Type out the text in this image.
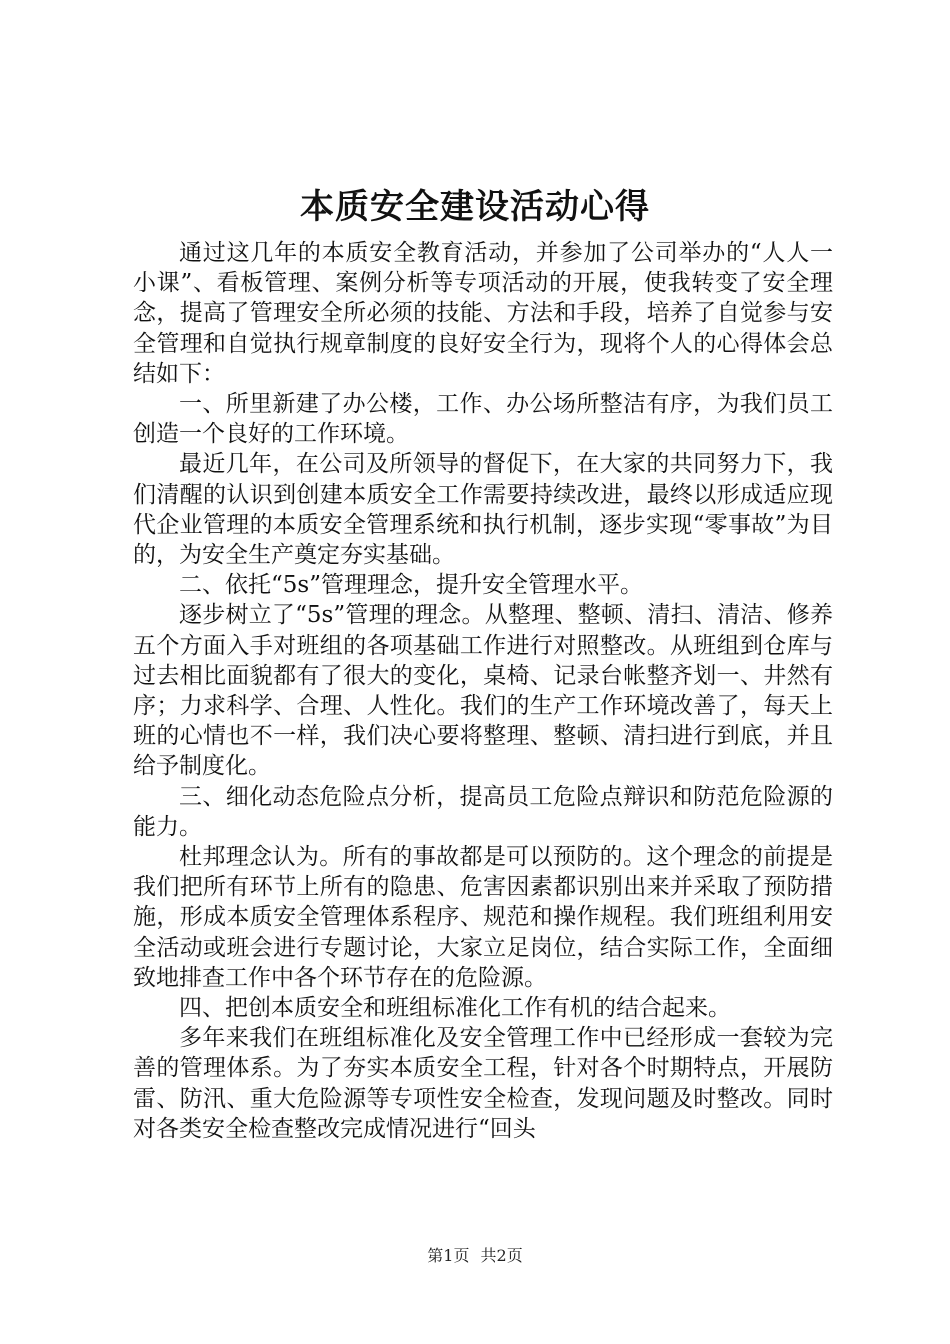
本质安全建设活动心得

通过这几年的本质安全教育活动，并参加了公司举办的“人人一小课”、看板管理、案例分析等专项活动的开展，使我转变了安全理念，提高了管理安全所必须的技能、方法和手段，培养了自觉参与安全管理和自觉执行规章制度的良好安全行为，现将个人的心得体会总结如下：

一、所里新建了办公楼，工作、办公场所整洁有序，为我们员工创造一个良好的工作环境。

最近几年，在公司及所领导的督促下，在大家的共同努力下，我们清醒的认识到创建本质安全工作需要持续改进，最终以形成适应现代企业管理的本质安全管理系统和执行机制，逐步实现“零事故”为目的，为安全生产奠定夯实基础。

二、依托“5s”管理理念，提升安全管理水平。

逐步树立了“5s”管理的理念。从整理、整顿、清扫、清洁、修养五个方面入手对班组的各项基础工作进行对照整改。从班组到仓库与过去相比面貌都有了很大的变化，桌椅、记录台帐整齐划一、井然有序；力求科学、合理、人性化。我们的生产工作环境改善了，每天上班的心情也不一样，我们决心要将整理、整顿、清扫进行到底，并且给予制度化。

三、细化动态危险点分析，提高员工危险点辩识和防范危险源的能力。

杜邦理念认为。所有的事故都是可以预防的。这个理念的前提是我们把所有环节上所有的隐患、危害因素都识别出来并采取了预防措施，形成本质安全管理体系程序、规范和操作规程。我们班组利用安全活动或班会进行专题讨论，大家立足岗位，结合实际工作，全面细致地排查工作中各个环节存在的危险源。

四、把创本质安全和班组标准化工作有机的结合起来。

多年来我们在班组标准化及安全管理工作中已经形成一套较为完善的管理体系。为了夯实本质安全工程，针对各个时期特点，开展防雷、防汛、重大危险源等专项性安全检查，发现问题及时整改。同时对各类安全检查整改完成情况进行“回头

第1页 共2页
